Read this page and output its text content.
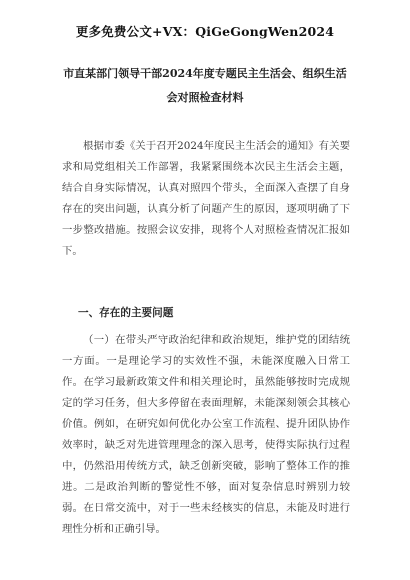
更多免费公文+VX：QiGeGongWen2024
市直某部门领导干部2024年度专题民主生活会、组织生活
会对照检查材料
根据市委《关于召开2024年度民主生活会的通知》有关要求和局党组相关工作部署，我紧紧围绕本次民主生活会主题，结合自身实际情况，认真对照四个带头，全面深入查摆了自身存在的突出问题，认真分析了问题产生的原因，逐项明确了下一步整改措施。按照会议安排，现将个人对照检查情况汇报如下。
一、存在的主要问题
（一）在带头严守政治纪律和政治规矩，维护党的团结统一方面。一是理论学习的实效性不强，未能深度融入日常工作。在学习最新政策文件和相关理论时，虽然能够按时完成规定的学习任务，但大多停留在表面理解，未能深刻领会其核心价值。例如，在研究如何优化办公室工作流程、提升团队协作效率时，缺乏对先进管理理念的深入思考，使得实际执行过程中，仍然沿用传统方式，缺乏创新突破，影响了整体工作的推进。二是政治判断的警觉性不够，面对复杂信息时辨别力较弱。在日常交流中，对于一些未经核实的信息，未能及时进行理性分析和正确引导。
